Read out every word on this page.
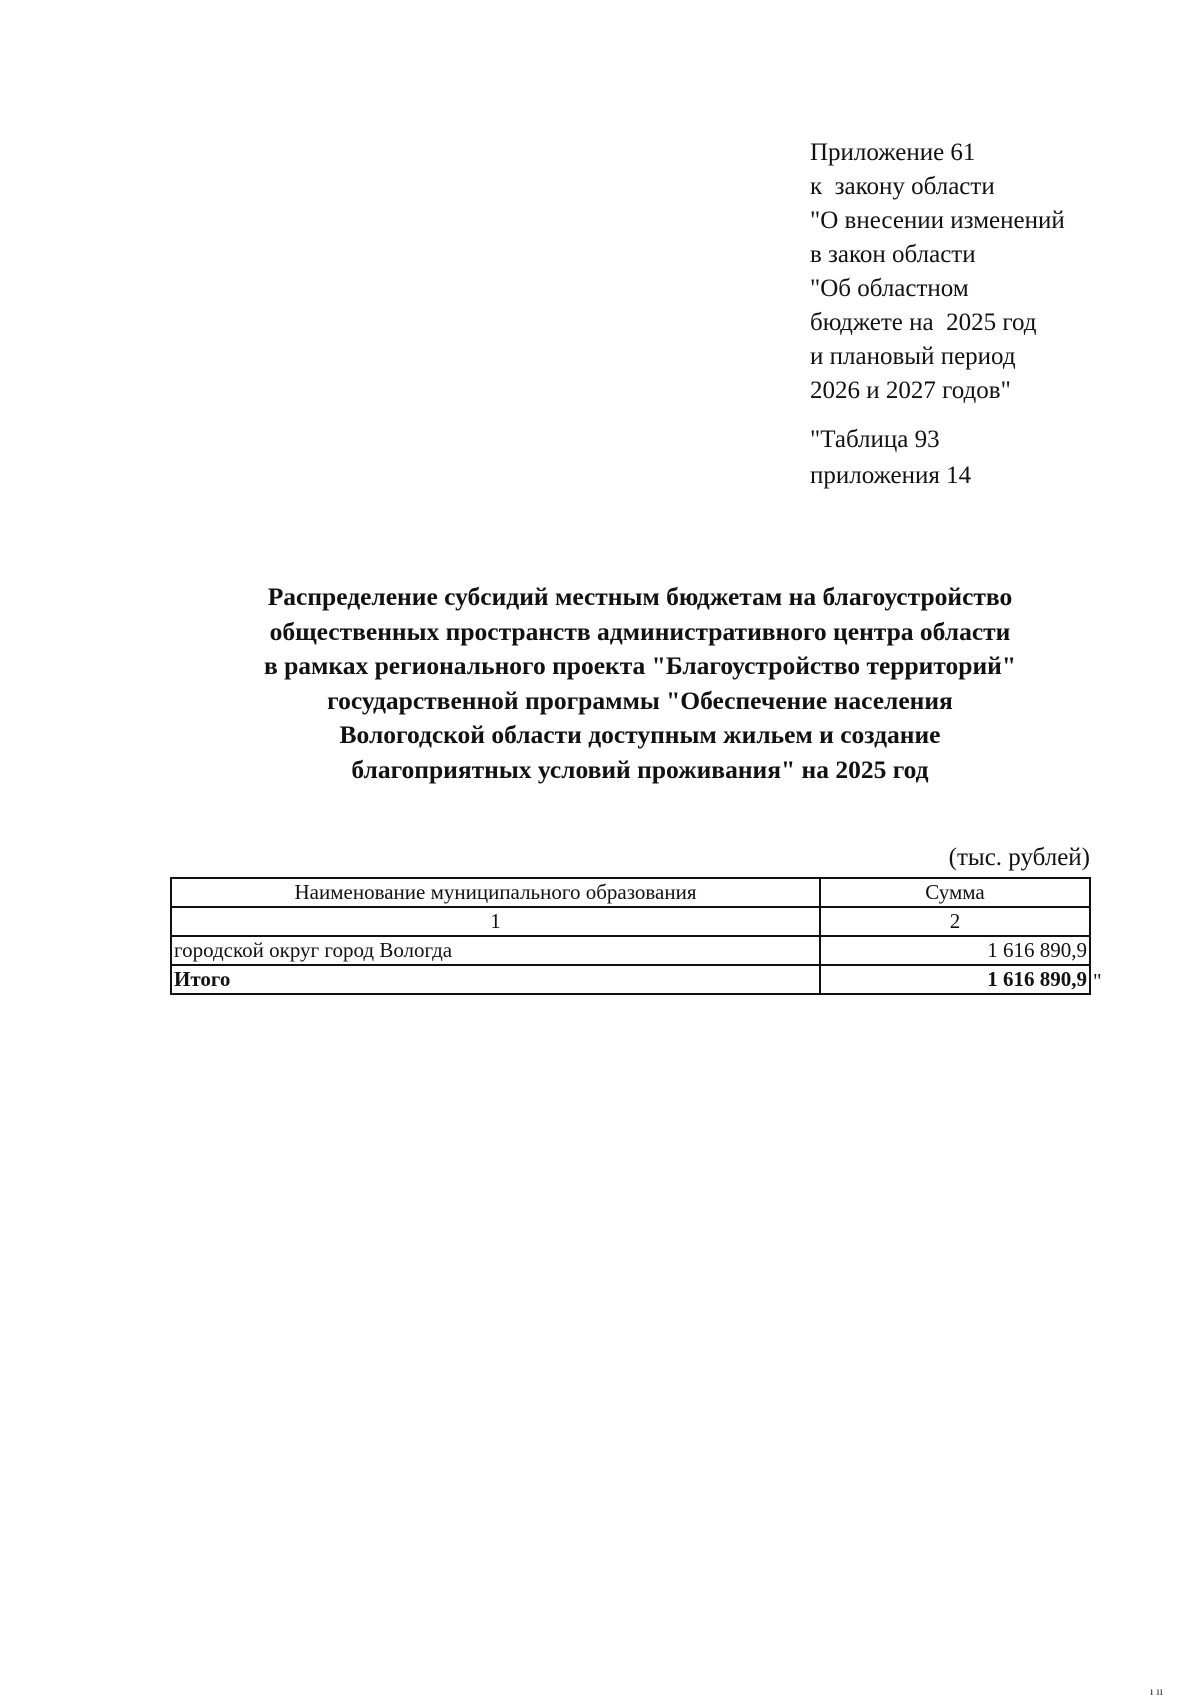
Приложение 61
к  закону области
"О внесении изменений
в закон области
"Об областном
бюджете на  2025 год
и плановый период
2026 и 2027 годов"
"Таблица 93
приложения 14
Распределение субсидий местным бюджетам на благоустройство
общественных пространств административного центра области
в рамках регионального проекта "Благоустройство территорий"
государственной программы "Обеспечение населения
Вологодской области доступным жильем и создание
благоприятных условий проживания" на 2025 год
(тыс. рублей)
Наименование муниципального образования	Сумма
1	2
городской округ город Вологда	1 616 890,9
Итого	1 616 890,9 "
ı ıı
